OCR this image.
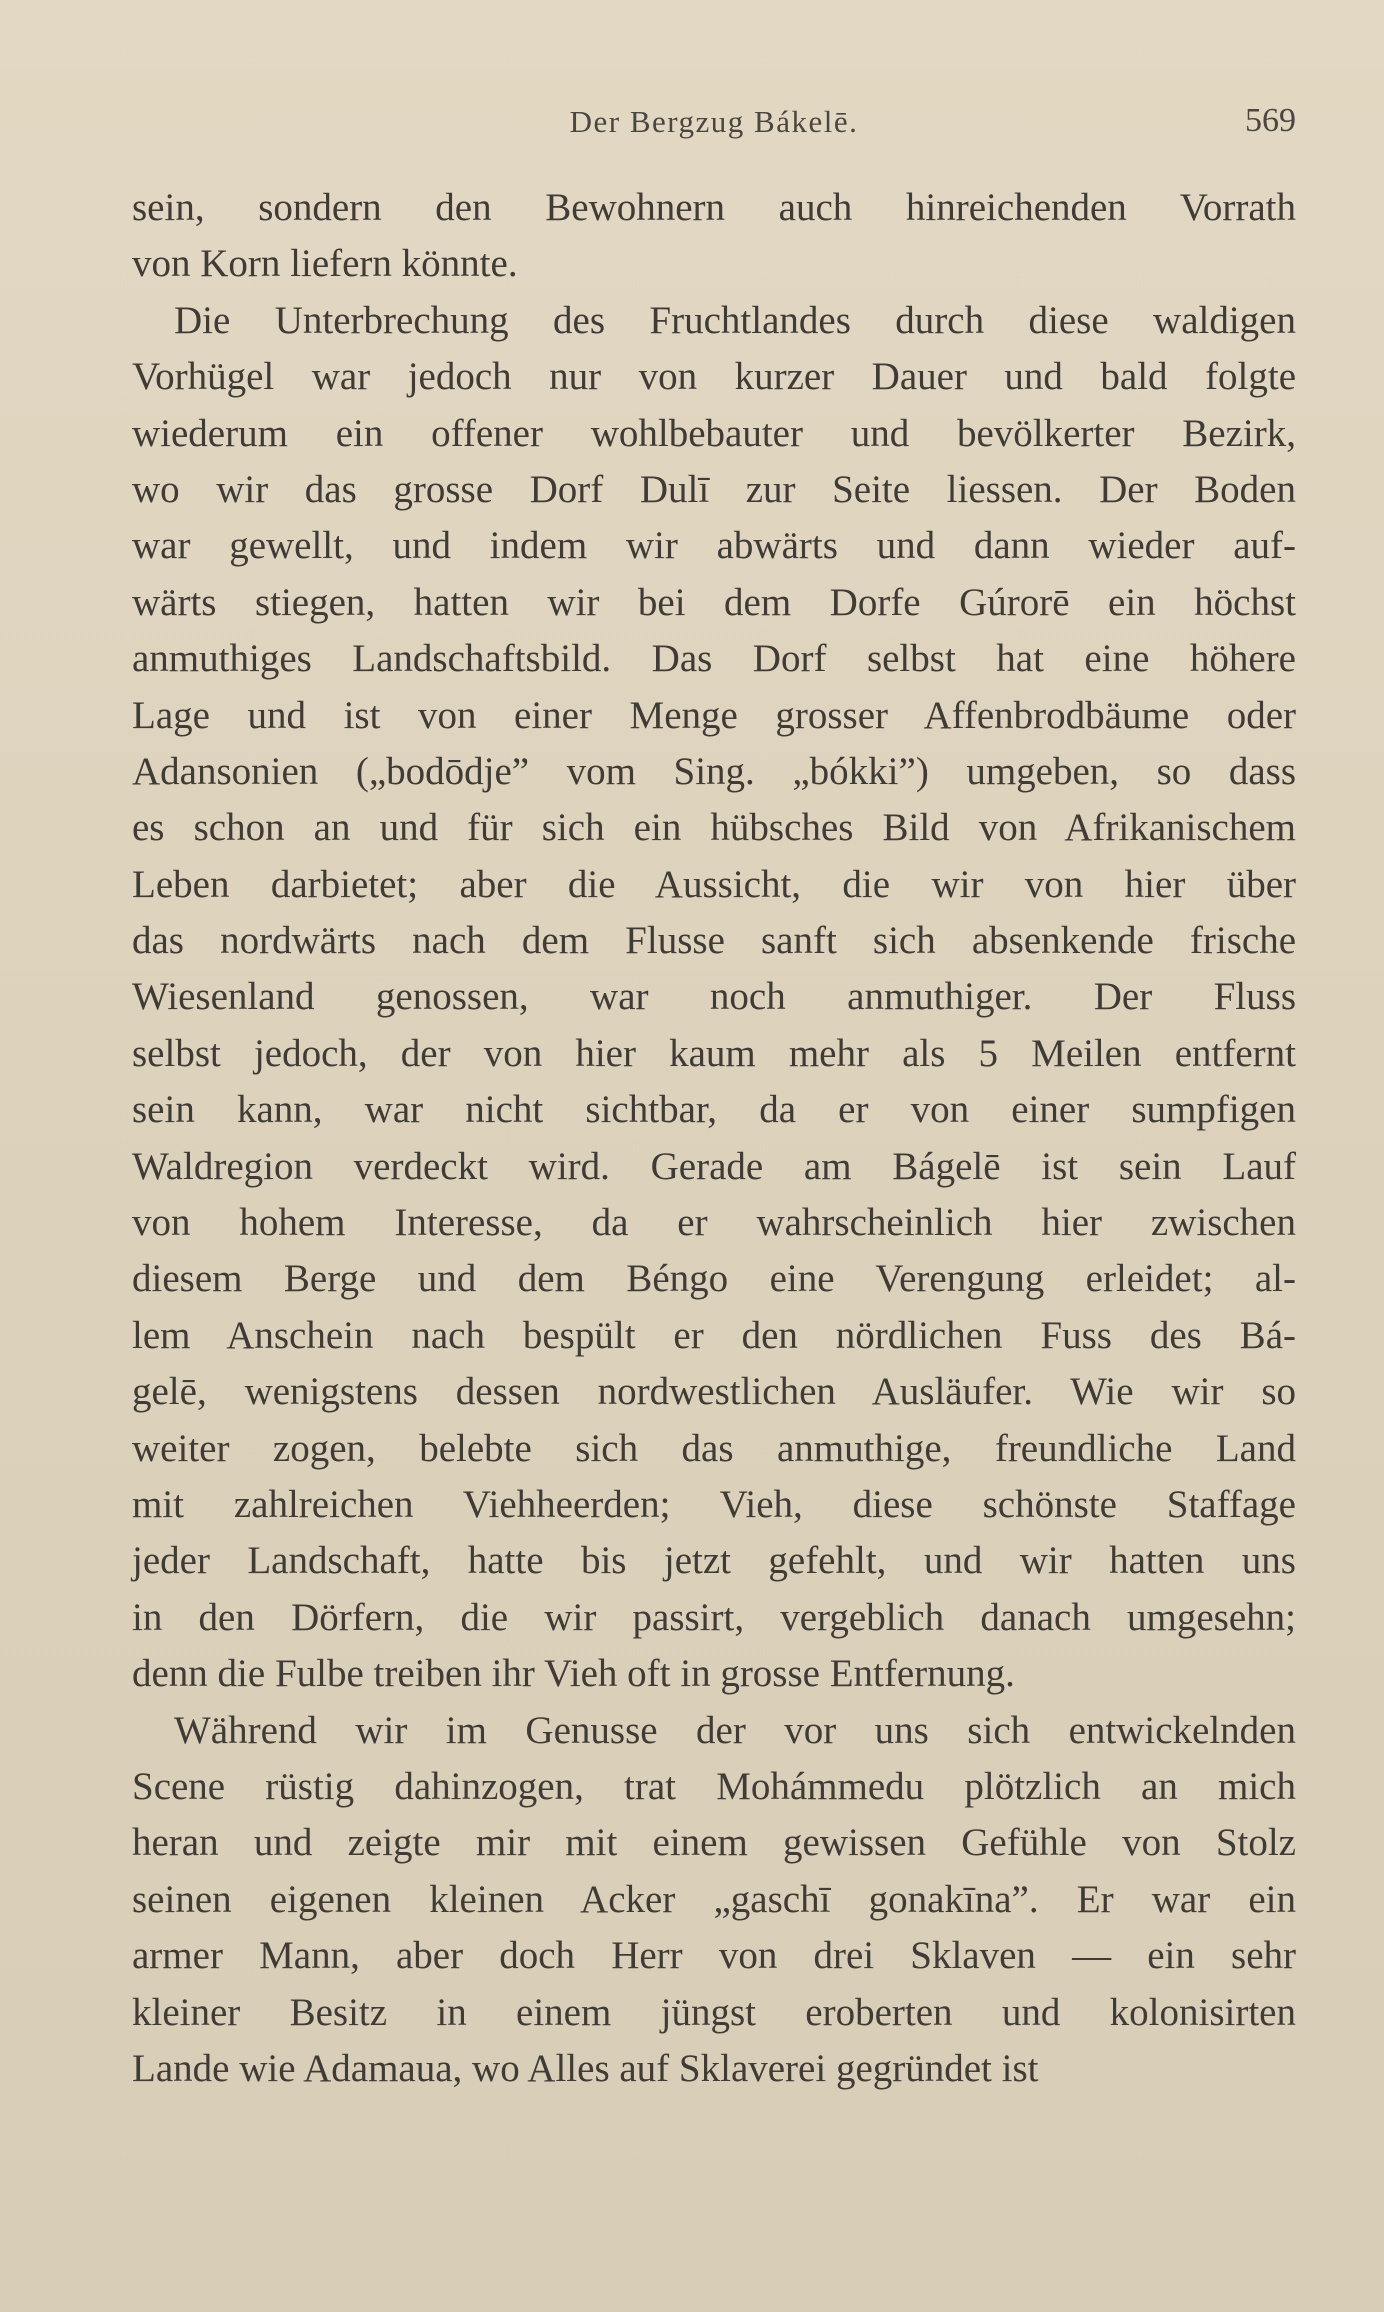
Der Bergzug Bákelē.	569
sein, sondern den Bewohnern auch hinreichenden Vorrath
von Korn liefern könnte.
Die Unterbrechung des Fruchtlandes durch diese waldigen
Vorhügel war jedoch nur von kurzer Dauer und bald folgte
wiederum ein offener wohlbebauter und bevölkerter Bezirk,
wo wir das grosse Dorf Dulī zur Seite liessen. Der Boden
war gewellt, und indem wir abwärts und dann wieder auf-
wärts stiegen, hatten wir bei dem Dorfe Gúrorē ein höchst
anmuthiges Landschaftsbild. Das Dorf selbst hat eine höhere
Lage und ist von einer Menge grosser Affenbrodbäume oder
Adansonien („bodōdje” vom Sing. „bókki”) umgeben, so dass
es schon an und für sich ein hübsches Bild von Afrikanischem
Leben darbietet; aber die Aussicht, die wir von hier über
das nordwärts nach dem Flusse sanft sich absenkende frische
Wiesenland genossen, war noch anmuthiger. Der Fluss
selbst jedoch, der von hier kaum mehr als 5 Meilen entfernt
sein kann, war nicht sichtbar, da er von einer sumpfigen
Waldregion verdeckt wird. Gerade am Bágelē ist sein Lauf
von hohem Interesse, da er wahrscheinlich hier zwischen
diesem Berge und dem Béngo eine Verengung erleidet; al-
lem Anschein nach bespült er den nördlichen Fuss des Bá-
gelē, wenigstens dessen nordwestlichen Ausläufer. Wie wir so
weiter zogen, belebte sich das anmuthige, freundliche Land
mit zahlreichen Viehheerden; Vieh, diese schönste Staffage
jeder Landschaft, hatte bis jetzt gefehlt, und wir hatten uns
in den Dörfern, die wir passirt, vergeblich danach umgesehn;
denn die Fulbe treiben ihr Vieh oft in grosse Entfernung.
Während wir im Genusse der vor uns sich entwickelnden
Scene rüstig dahinzogen, trat Mohámmedu plötzlich an mich
heran und zeigte mir mit einem gewissen Gefühle von Stolz
seinen eigenen kleinen Acker „gaschī gonakīna”. Er war ein
armer Mann, aber doch Herr von drei Sklaven — ein sehr
kleiner Besitz in einem jüngst eroberten und kolonisirten
Lande wie Adamaua, wo Alles auf Sklaverei gegründet ist
